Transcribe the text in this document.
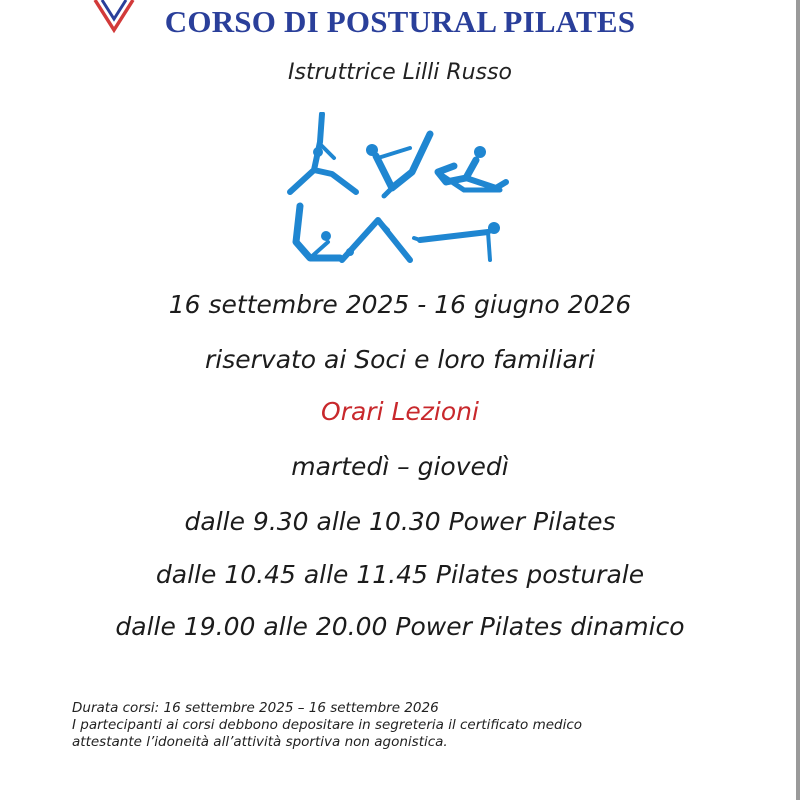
CORSO DI POSTURAL PILATES
Istruttrice Lilli Russo
16 settembre 2025 - 16 giugno 2026
riservato ai Soci e loro familiari
Orari Lezioni
martedì – giovedì
dalle 9.30 alle 10.30 Power Pilates
dalle 10.45 alle 11.45 Pilates posturale
dalle 19.00 alle 20.00 Power Pilates dinamico
Durata corsi: 16 settembre 2025 – 16 settembre 2026
I partecipanti ai corsi debbono depositare in segreteria il certificato medico
attestante l’idoneità all’attività sportiva non agonistica.
